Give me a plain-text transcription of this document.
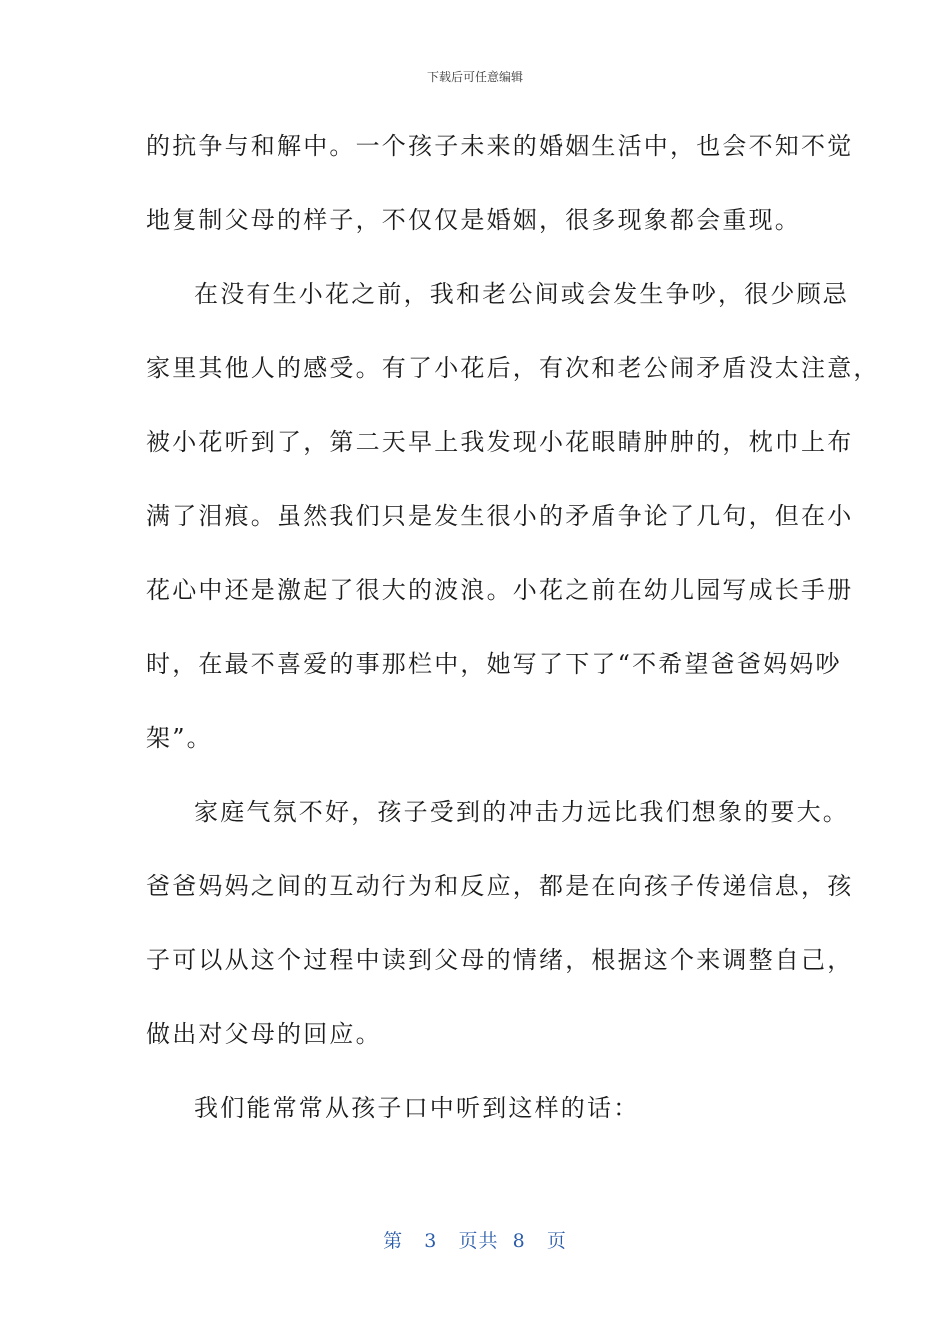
下载后可任意编辑
的抗争与和解中。一个孩子未来的婚姻生活中，也会不知不觉
地复制父母的样子，不仅仅是婚姻，很多现象都会重现。
在没有生小花之前，我和老公间或会发生争吵，很少顾忌
家里其他人的感受。有了小花后，有次和老公闹矛盾没太注意，
被小花听到了，第二天早上我发现小花眼睛肿肿的，枕巾上布
满了泪痕。虽然我们只是发生很小的矛盾争论了几句，但在小
花心中还是激起了很大的波浪。小花之前在幼儿园写成长手册
时，在最不喜爱的事那栏中，她写了下了“不希望爸爸妈妈吵
架”。
家庭气氛不好，孩子受到的冲击力远比我们想象的要大。
爸爸妈妈之间的互动行为和反应，都是在向孩子传递信息，孩
子可以从这个过程中读到父母的情绪，根据这个来调整自己，
做出对父母的回应。
我们能常常从孩子口中听到这样的话：
第 3 页共 8 页
